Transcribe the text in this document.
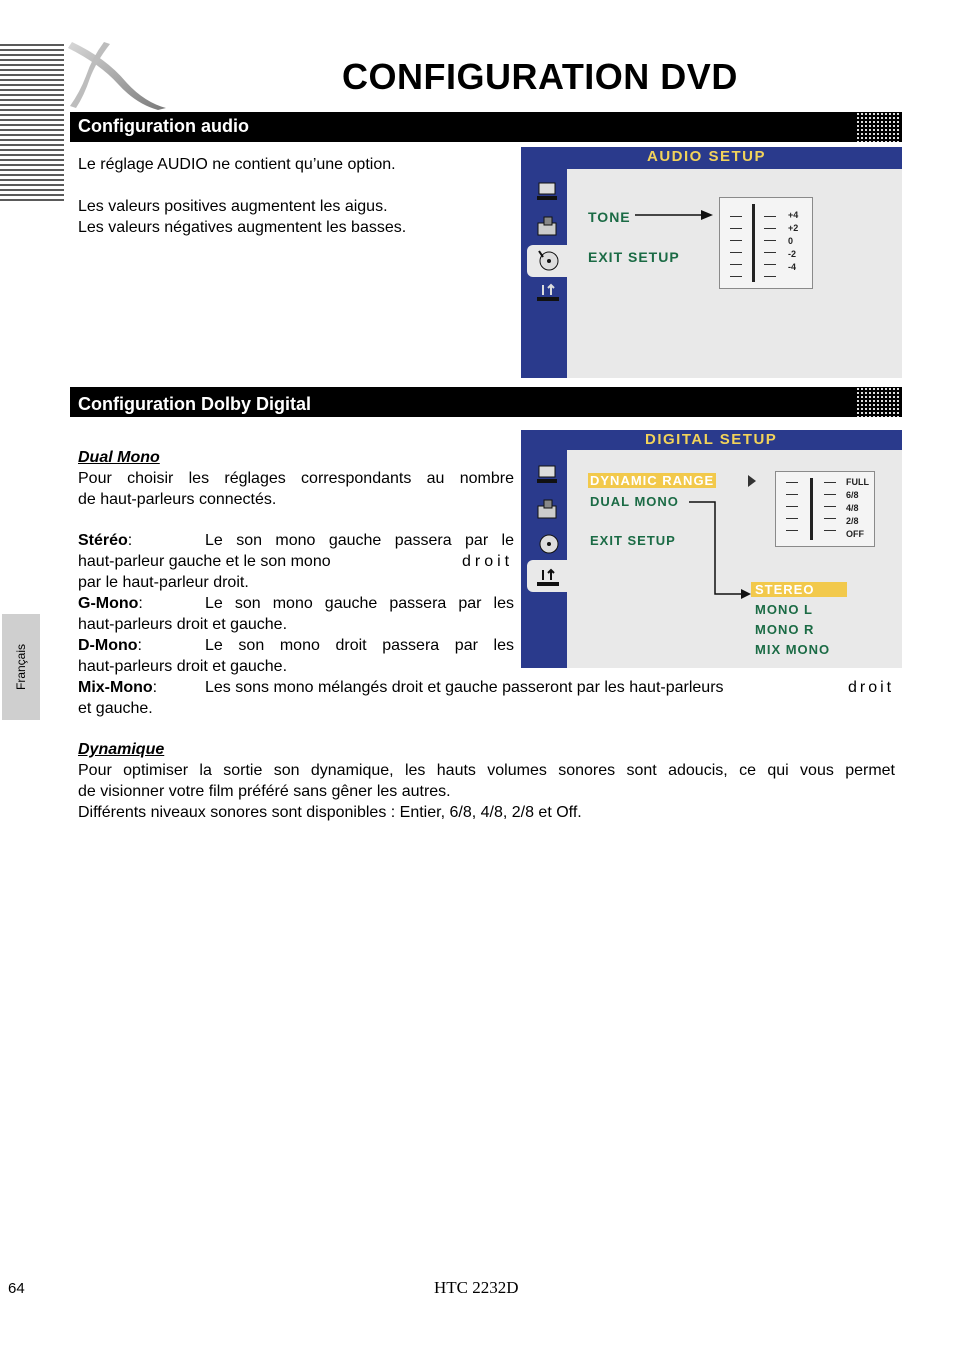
CONFIGURATION DVD
Configuration audio

Le réglage AUDIO ne contient qu’une option.

Les valeurs positives augmentent les aigus.

Les valeurs négatives augmentent les basses.

AUDIO SETUP
TONE
EXIT SETUP
+4
+2
0
-2
-4
Configuration Dolby Digital

Dual Mono

Pour choisir les réglages correspondants au nombre

de haut-parleurs connectés.

Stéréo:	Le son mono gauche passera par le

haut-parleur gauche et le son mono	droit

par le haut-parleur droit.

G-Mono:	Le son mono gauche passera par les

haut-parleurs droit et gauche.

D-Mono:	Le son mono droit passera par les

haut-parleurs droit et gauche.

Mix-Mono:	Les sons mono mélangés droit et gauche passeront par les haut-parleurs	droit

et gauche.

Dynamique

Pour optimiser la sortie son dynamique, les hauts volumes sonores sont adoucis, ce qui vous permet

de visionner votre film préféré sans gêner les autres.

Différents niveaux sonores sont disponibles : Entier, 6/8, 4/8, 2/8 et Off.

DIGITAL SETUP
DYNAMIC RANGE
DUAL MONO
EXIT SETUP
FULL
6/8
4/8
2/8
OFF
STEREO
MONO L
MONO R
MIX MONO
Français
64	HTC 2232D
